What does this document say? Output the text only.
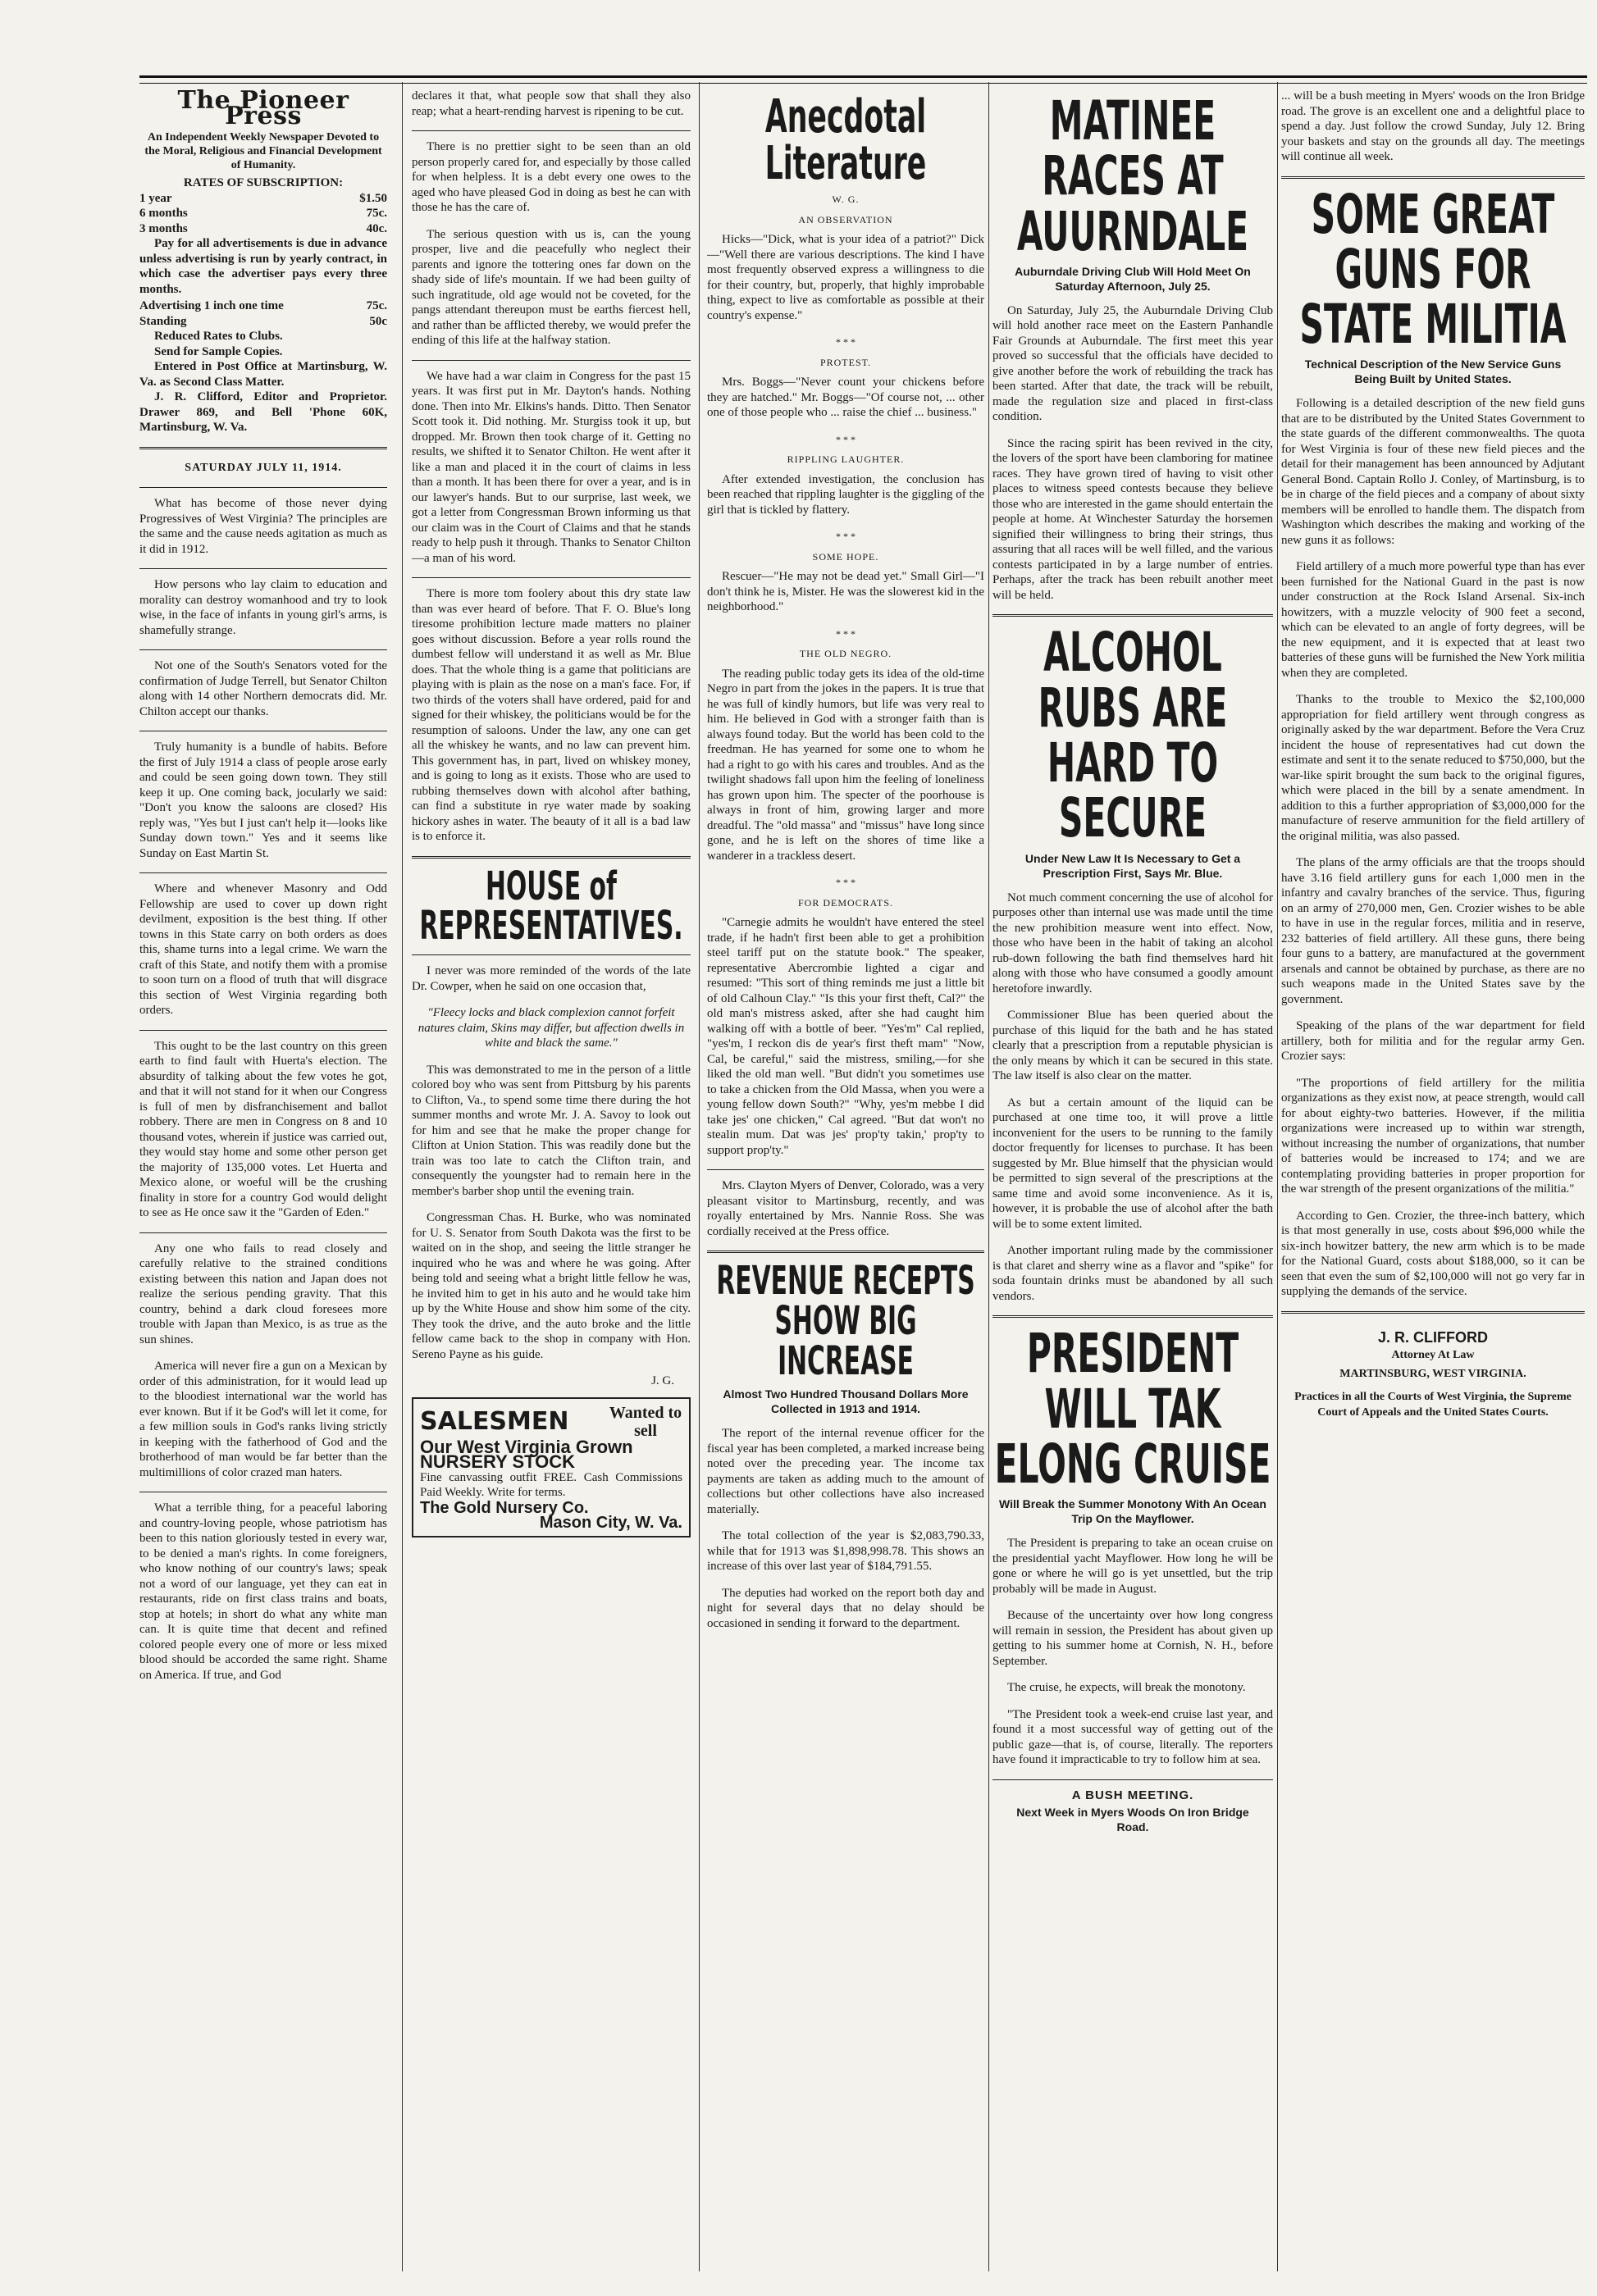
The Pioneer Press
An Independent Weekly Newspaper Devoted to the Moral, Religious and Financial Development of Humanity.
RATES OF SUBSCRIPTION:
1 year	$1.50
6 months	75c.
3 months	40c.

Pay for all advertisements is due in advance unless advertising is run by yearly contract, in which case the advertiser pays every three months.

Advertising 1 inch one time	75c.
Standing	50c
Reduced Rates to Clubs.
Send for Sample Copies.

Entered in Post Office at Martinsburg, W. Va. as Second Class Matter.

J. R. Clifford, Editor and Proprietor. Drawer 869, and Bell 'Phone 60K, Martinsburg, W. Va.

SATURDAY JULY 11, 1914.

What has become of those never dying Progressives of West Virginia? The principles are the same and the cause needs agitation as much as it did in 1912.

How persons who lay claim to education and morality can destroy womanhood and try to look wise, in the face of infants in young girl's arms, is shamefully strange.

Not one of the South's Senators voted for the confirmation of Judge Terrell, but Senator Chilton along with 14 other Northern democrats did. Mr. Chilton accept our thanks.

Truly humanity is a bundle of habits. Before the first of July 1914 a class of people arose early and could be seen going down town. They still keep it up. One coming back, jocularly we said: "Don't you know the saloons are closed? His reply was, "Yes but I just can't help it—looks like Sunday down town." Yes and it seems like Sunday on East Martin St.

Where and whenever Masonry and Odd Fellowship are used to cover up down right devilment, exposition is the best thing. If other towns in this State carry on both orders as does this, shame turns into a legal crime. We warn the craft of this State, and notify them with a promise to soon turn on a flood of truth that will disgrace this section of West Virginia regarding both orders.

This ought to be the last country on this green earth to find fault with Huerta's election. The absurdity of talking about the few votes he got, and that it will not stand for it when our Congress is full of men by disfranchisement and ballot robbery. There are men in Congress on 8 and 10 thousand votes, wherein if justice was carried out, they would stay home and some other person get the majority of 135,000 votes. Let Huerta and Mexico alone, or woeful will be the crushing finality in store for a country God would delight to see as He once saw it the "Garden of Eden."

Any one who fails to read closely and carefully relative to the strained conditions existing between this nation and Japan does not realize the serious pending gravity. That this country, behind a dark cloud foresees more trouble with Japan than Mexico, is as true as the sun shines.

America will never fire a gun on a Mexican by order of this administration, for it would lead up to the bloodiest international war the world has ever known. But if it be God's will let it come, for a few million souls in God's ranks living strictly in keeping with the fatherhood of God and the brotherhood of man would be far better than the multimillions of color crazed man haters.

What a terrible thing, for a peaceful laboring and country-loving people, whose patriotism has been to this nation gloriously tested in every war, to be denied a man's rights. In come foreigners, who know nothing of our country's laws; speak not a word of our language, yet they can eat in restaurants, ride on first class trains and boats, stop at hotels; in short do what any white man can. It is quite time that decent and refined colored people every one of more or less mixed blood should be accorded the same right. Shame on America. If true, and God

declares it that, what people sow that shall they also reap; what a heart-rending harvest is ripening to be cut.

There is no prettier sight to be seen than an old person properly cared for, and especially by those called for when helpless. It is a debt every one owes to the aged who have pleased God in doing as best he can with those he has the care of.

The serious question with us is, can the young prosper, live and die peacefully who neglect their parents and ignore the tottering ones far down on the shady side of life's mountain. If we had been guilty of such ingratitude, old age would not be coveted, for the pangs attendant thereupon must be earths fiercest hell, and rather than be afflicted thereby, we would prefer the ending of this life at the halfway station.

We have had a war claim in Congress for the past 15 years. It was first put in Mr. Dayton's hands. Nothing done. Then into Mr. Elkins's hands. Ditto. Then Senator Scott took it. Did nothing. Mr. Sturgiss took it up, but dropped. Mr. Brown then took charge of it. Getting no results, we shifted it to Senator Chilton. He went after it like a man and placed it in the court of claims in less than a month. It has been there for over a year, and is in our lawyer's hands. But to our surprise, last week, we got a letter from Congressman Brown informing us that our claim was in the Court of Claims and that he stands ready to help push it through. Thanks to Senator Chilton—a man of his word.

There is more tom foolery about this dry state law than was ever heard of before. That F. O. Blue's long tiresome prohibition lecture made matters no plainer goes without discussion. Before a year rolls round the dumbest fellow will understand it as well as Mr. Blue does. That the whole thing is a game that politicians are playing with is plain as the nose on a man's face. For, if two thirds of the voters shall have ordered, paid for and signed for their whiskey, the politicians would be for the resumption of saloons. Under the law, any one can get all the whiskey he wants, and no law can prevent him. This government has, in part, lived on whiskey money, and is going to long as it exists. Those who are used to rubbing themselves down with alcohol after bathing, can find a substitute in rye water made by soaking hickory ashes in water. The beauty of it all is a bad law is to enforce it.

HOUSE of REPRESENTATIVES.

I never was more reminded of the words of the late Dr. Cowper, when he said on one occasion that,

"Fleecy locks and black complexion cannot forfeit natures claim, Skins may differ, but affection dwells in white and black the same."

This was demonstrated to me in the person of a little colored boy who was sent from Pittsburg by his parents to Clifton, Va., to spend some time there during the hot summer months and wrote Mr. J. A. Savoy to look out for him and see that he make the proper change for Clifton at Union Station. This was readily done but the train was too late to catch the Clifton train, and consequently the youngster had to remain here in the member's barber shop until the evening train.

Congressman Chas. H. Burke, who was nominated for U. S. Senator from South Dakota was the first to be waited on in the shop, and seeing the little stranger he inquired who he was and where he was going. After being told and seeing what a bright little fellow he was, he invited him to get in his auto and he would take him up by the White House and show him some of the city. They took the drive, and the auto broke and the little fellow came back to the shop in company with Hon. Sereno Payne as his guide.

J. G.
SALESMEN Wanted to sell
Our West Virginia Grown
NURSERY STOCK
Fine canvassing outfit FREE. Cash Commissions Paid Weekly. Write for terms.
The Gold Nursery Co.
Mason City, W. Va.
Anecdotal Literature
W. G.
AN OBSERVATION

Hicks—"Dick, what is your idea of a patriot?" Dick—"Well there are various descriptions. The kind I have most frequently observed express a willingness to die for their country, but, properly, that highly improbable thing, expect to live as comfortable as possible at their country's expense."

* * *
PROTEST.

Mrs. Boggs—"Never count your chickens before they are hatched." Mr. Boggs—"Of course not, ... other one of those people who ... raise the chief ... business."

* * *
RIPPLING LAUGHTER.

After extended investigation, the conclusion has been reached that rippling laughter is the giggling of the girl that is tickled by flattery.

* * *
SOME HOPE.

Rescuer—"He may not be dead yet." Small Girl—"I don't think he is, Mister. He was the slowerest kid in the neighborhood."

* * *
THE OLD NEGRO.

The reading public today gets its idea of the old-time Negro in part from the jokes in the papers. It is true that he was full of kindly humors, but life was very real to him. He believed in God with a stronger faith than is always found today. But the world has been cold to the freedman. He has yearned for some one to whom he had a right to go with his cares and troubles. And as the twilight shadows fall upon him the feeling of loneliness has grown upon him. The specter of the poorhouse is always in front of him, growing larger and more dreadful. The "old massa" and "missus" have long since gone, and he is left on the shores of time like a wanderer in a trackless desert.

* * *
FOR DEMOCRATS.

"Carnegie admits he wouldn't have entered the steel trade, if he hadn't first been able to get a prohibition steel tariff put on the statute book." The speaker, representative Abercrombie lighted a cigar and resumed: "This sort of thing reminds me just a little bit of old Calhoun Clay." "Is this your first theft, Cal?" the old man's mistress asked, after she had caught him walking off with a bottle of beer. "Yes'm" Cal replied, "yes'm, I reckon dis de year's first theft mam" "Now, Cal, be careful," said the mistress, smiling,—for she liked the old man well. "But didn't you sometimes use to take a chicken from the Old Massa, when you were a young fellow down South?" "Why, yes'm mebbe I did take jes' one chicken," Cal agreed. "But dat won't no stealin mum. Dat was jes' prop'ty takin,' prop'ty to support prop'ty."

Mrs. Clayton Myers of Denver, Colorado, was a very pleasant visitor to Martinsburg, recently, and was royally entertained by Mrs. Nannie Ross. She was cordially received at the Press office.

REVENUE RECEPTS SHOW BIG INCREASE
Almost Two Hundred Thousand Dollars More Collected in 1913 and 1914.

The report of the internal revenue officer for the fiscal year has been completed, a marked increase being noted over the preceding year. The income tax payments are taken as adding much to the amount of collections but other collections have also increased materially.

The total collection of the year is $2,083,790.33, while that for 1913 was $1,898,998.78. This shows an increase of this over last year of $184,791.55.

The deputies had worked on the report both day and night for several days that no delay should be occasioned in sending it forward to the department.

MATINEE RACES AT AUURNDALE
Auburndale Driving Club Will Hold Meet On Saturday Afternoon, July 25.

On Saturday, July 25, the Auburndale Driving Club will hold another race meet on the Eastern Panhandle Fair Grounds at Auburndale. The first meet this year proved so successful that the officials have decided to give another before the work of rebuilding the track has been started. After that date, the track will be rebuilt, made the regulation size and placed in first-class condition.

Since the racing spirit has been revived in the city, the lovers of the sport have been clamboring for matinee races. They have grown tired of having to visit other places to witness speed contests because they believe those who are interested in the game should entertain the people at home. At Winchester Saturday the horsemen signified their willingness to bring their strings, thus assuring that all races will be well filled, and the various contests participated in by a large number of entries. Perhaps, after the track has been rebuilt another meet will be held.

ALCOHOL RUBS ARE HARD TO SECURE
Under New Law It Is Necessary to Get a Prescription First, Says Mr. Blue.

Not much comment concerning the use of alcohol for purposes other than internal use was made until the time the new prohibition measure went into effect. Now, those who have been in the habit of taking an alcohol rub-down following the bath find themselves hard hit along with those who have consumed a goodly amount heretofore inwardly.

Commissioner Blue has been queried about the purchase of this liquid for the bath and he has stated clearly that a prescription from a reputable physician is the only means by which it can be secured in this state. The law itself is also clear on the matter.

As but a certain amount of the liquid can be purchased at one time too, it will prove a little inconvenient for the users to be running to the family doctor frequently for licenses to purchase. It has been suggested by Mr. Blue himself that the physician would be permitted to sign several of the prescriptions at the same time and avoid some inconvenience. As it is, however, it is probable the use of alcohol after the bath will be to some extent limited.

Another important ruling made by the commissioner is that claret and sherry wine as a flavor and "spike" for soda fountain drinks must be abandoned by all such vendors.

PRESIDENT WILL TAK ELONG CRUISE
Will Break the Summer Monotony With An Ocean Trip On the Mayflower.

The President is preparing to take an ocean cruise on the presidential yacht Mayflower. How long he will be gone or where he will go is yet unsettled, but the trip probably will be made in August.

Because of the uncertainty over how long congress will remain in session, the President has about given up getting to his summer home at Cornish, N. H., before September.

The cruise, he expects, will break the monotony.

"The President took a week-end cruise last year, and found it a most successful way of getting out of the public gaze—that is, of course, literally. The reporters have found it impracticable to try to follow him at sea.

A BUSH MEETING.
Next Week in Myers Woods On Iron Bridge Road.

... will be a bush meeting in Myers' woods on the Iron Bridge road. The grove is an excellent one and a delightful place to spend a day. Just follow the crowd Sunday, July 12. Bring your baskets and stay on the grounds all day. The meetings will continue all week.

SOME GREAT GUNS FOR STATE MILITIA
Technical Description of the New Service Guns Being Built by United States.

Following is a detailed description of the new field guns that are to be distributed by the United States Government to the state guards of the different commonwealths. The quota for West Virginia is four of these new field pieces and the detail for their management has been announced by Adjutant General Bond. Captain Rollo J. Conley, of Martinsburg, is to be in charge of the field pieces and a company of about sixty members will be enrolled to handle them. The dispatch from Washington which describes the making and working of the new guns it as follows:

Field artillery of a much more powerful type than has ever been furnished for the National Guard in the past is now under construction at the Rock Island Arsenal. Six-inch howitzers, with a muzzle velocity of 900 feet a second, which can be elevated to an angle of forty degrees, will be the new equipment, and it is expected that at least two batteries of these guns will be furnished the New York militia when they are completed.

Thanks to the trouble to Mexico the $2,100,000 appropriation for field artillery went through congress as originally asked by the war department. Before the Vera Cruz incident the house of representatives had cut down the estimate and sent it to the senate reduced to $750,000, but the war-like spirit brought the sum back to the original figures, which were placed in the bill by a senate amendment. In addition to this a further appropriation of $3,000,000 for the manufacture of reserve ammunition for the field artillery of the original militia, was also passed.

The plans of the army officials are that the troops should have 3.16 field artillery guns for each 1,000 men in the infantry and cavalry branches of the service. Thus, figuring on an army of 270,000 men, Gen. Crozier wishes to be able to have in use in the regular forces, militia and in reserve, 232 batteries of field artillery. All these guns, there being four guns to a battery, are manufactured at the government arsenals and cannot be obtained by purchase, as there are no such weapons made in the United States save by the government.

Speaking of the plans of the war department for field artillery, both for militia and for the regular army Gen. Crozier says:

"The proportions of field artillery for the militia organizations as they exist now, at peace strength, would call for about eighty-two batteries. However, if the militia organizations were increased up to within war strength, without increasing the number of organizations, that number of batteries would be increased to 174; and we are contemplating providing batteries in proper proportion for the war strength of the present organizations of the militia."

According to Gen. Crozier, the three-inch battery, which is that most generally in use, costs about $96,000 while the six-inch howitzer battery, the new arm which is to be made for the National Guard, costs about $188,000, so it can be seen that even the sum of $2,100,000 will not go very far in supplying the demands of the service.

J. R. CLIFFORD
Attorney At Law
MARTINSBURG, WEST VIRGINIA.
Practices in all the Courts of West Virginia, the Supreme Court of Appeals and the United States Courts.
